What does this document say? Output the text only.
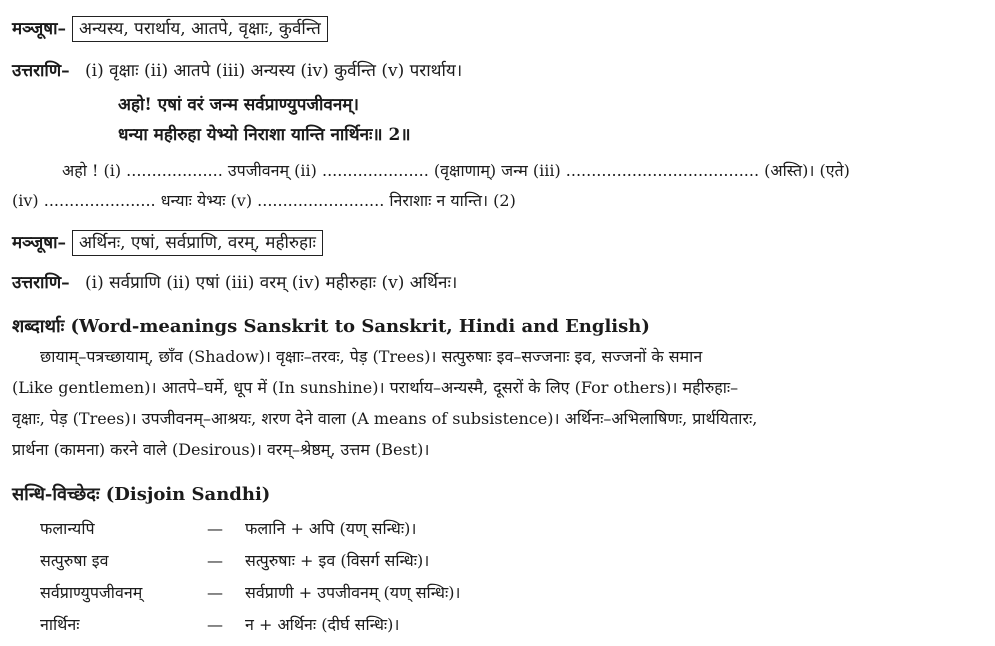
मञ्जूषा– अन्यस्य, परार्थाय, आतपे, वृक्षाः, कुर्वन्ति
उत्तराणि– (i) वृक्षाः (ii) आतपे (iii) अन्यस्य (iv) कुर्वन्ति (v) परार्थाय।
अहो! एषां वरं जन्म सर्वप्राण्युपजीवनम्।
धन्या महीरुहा येभ्यो निराशा यान्ति नार्थिनः॥ 2॥
अहो ! (i) ................... उपजीवनम् (ii) ..................... (वृक्षाणाम्) जन्म (iii) ...................................... (अस्ति)। (एते)
(iv) ...................... धन्याः येभ्यः (v) ......................... निराशाः न यान्ति। (2)
मञ्जूषा– अर्थिनः, एषां, सर्वप्राणि, वरम्, महीरुहाः
उत्तराणि– (i) सर्वप्राणि (ii) एषां (iii) वरम् (iv) महीरुहाः (v) अर्थिनः।
शब्दार्थाः (Word-meanings Sanskrit to Sanskrit, Hindi and English)
छायाम्–पत्रच्छायाम्, छाँव (Shadow)। वृक्षाः–तरवः, पेड़ (Trees)। सत्पुरुषाः इव–सज्जनाः इव, सज्जनों के समान
(Like gentlemen)। आतपे–घर्मे, धूप में (In sunshine)। परार्थाय–अन्यस्मै, दूसरों के लिए (For others)। महीरुहाः–
वृक्षाः, पेड़ (Trees)। उपजीवनम्–आश्रयः, शरण देने वाला (A means of subsistence)। अर्थिनः–अभिलाषिणः, प्रार्थयितारः,
प्रार्थना (कामना) करने वाले (Desirous)। वरम्–श्रेष्ठम्, उत्तम (Best)।
सन्धि-विच्छेदः (Disjoin Sandhi)
फलान्यपि	— फलानि + अपि (यण् सन्धिः)।
सत्पुरुषा इव	— सत्पुरुषाः + इव (विसर्ग सन्धिः)।
सर्वप्राण्युपजीवनम्	— सर्वप्राणी + उपजीवनम् (यण् सन्धिः)।
नार्थिनः	— न + अर्थिनः (दीर्घ सन्धिः)।
